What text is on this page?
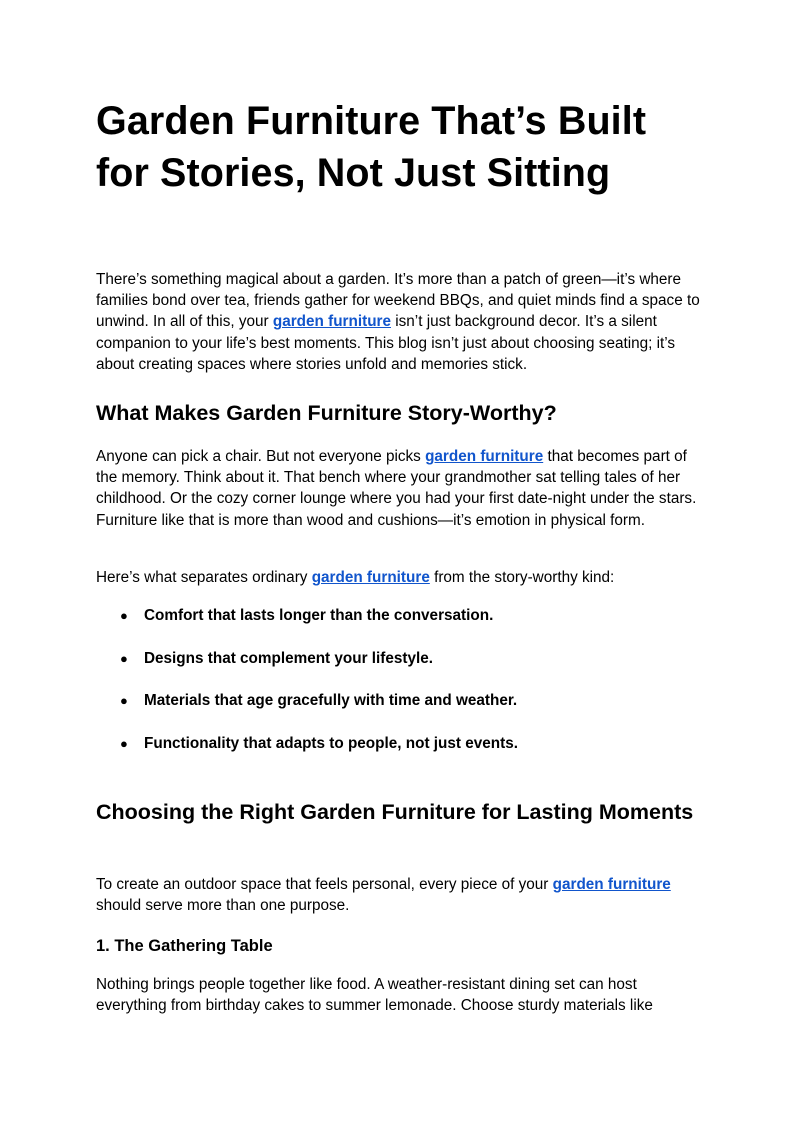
Garden Furniture That’s Built for Stories, Not Just Sitting

There’s something magical about a garden. It’s more than a patch of green—it’s where families bond over tea, friends gather for weekend BBQs, and quiet minds find a space to unwind. In all of this, your garden furniture isn’t just background decor. It’s a silent companion to your life’s best moments. This blog isn’t just about choosing seating; it’s about creating spaces where stories unfold and memories stick.

What Makes Garden Furniture Story-Worthy?

Anyone can pick a chair. But not everyone picks garden furniture that becomes part of the memory. Think about it. That bench where your grandmother sat telling tales of her childhood. Or the cozy corner lounge where you had your first date-night under the stars. Furniture like that is more than wood and cushions—it’s emotion in physical form.

Here’s what separates ordinary garden furniture from the story-worthy kind:

● Comfort that lasts longer than the conversation.
● Designs that complement your lifestyle.
● Materials that age gracefully with time and weather.
● Functionality that adapts to people, not just events.
Choosing the Right Garden Furniture for Lasting Moments

To create an outdoor space that feels personal, every piece of your garden furniture should serve more than one purpose.

1. The Gathering Table

Nothing brings people together like food. A weather-resistant dining set can host everything from birthday cakes to summer lemonade. Choose sturdy materials like
